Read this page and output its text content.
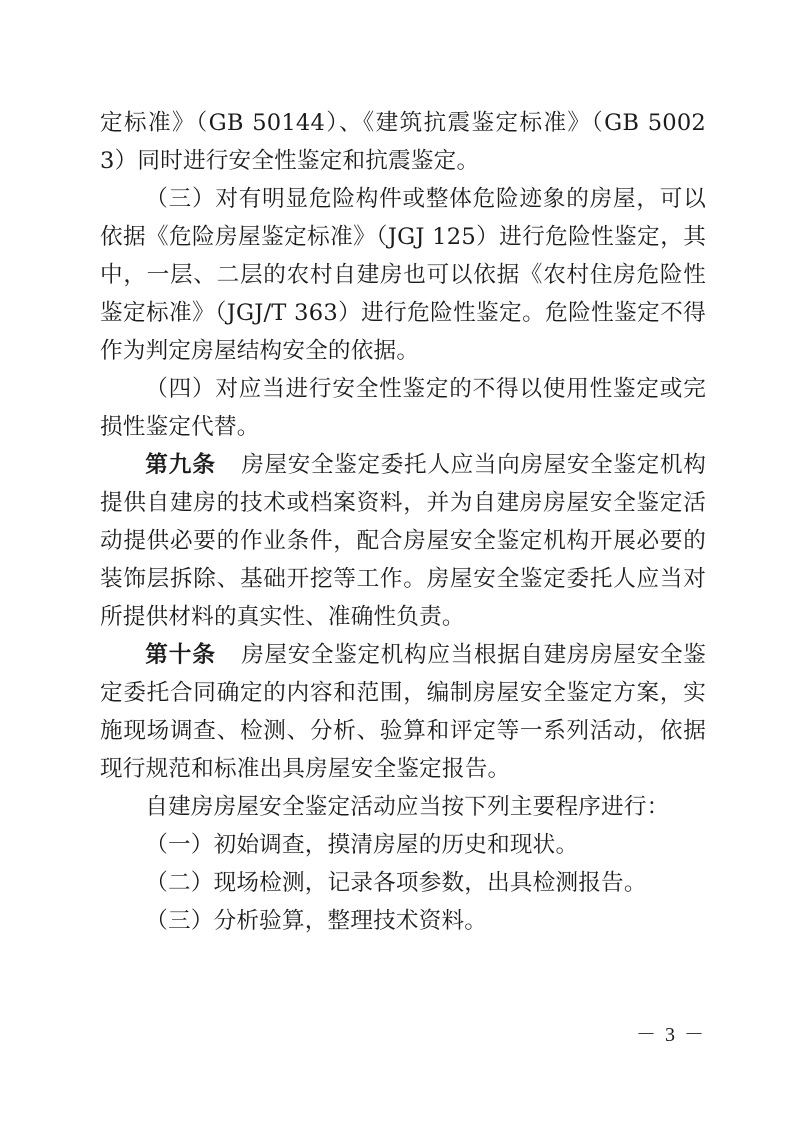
定标准》（GB 50144）、《建筑抗震鉴定标准》（GB 50023）同时进行安全性鉴定和抗震鉴定。

（三）对有明显危险构件或整体危险迹象的房屋，可以依据《危险房屋鉴定标准》（JGJ 125）进行危险性鉴定，其中，一层、二层的农村自建房也可以依据《农村住房危险性鉴定标准》（JGJ/T 363）进行危险性鉴定。危险性鉴定不得作为判定房屋结构安全的依据。

（四）对应当进行安全性鉴定的不得以使用性鉴定或完损性鉴定代替。

第九条 房屋安全鉴定委托人应当向房屋安全鉴定机构提供自建房的技术或档案资料，并为自建房房屋安全鉴定活动提供必要的作业条件，配合房屋安全鉴定机构开展必要的装饰层拆除、基础开挖等工作。房屋安全鉴定委托人应当对所提供材料的真实性、准确性负责。

第十条 房屋安全鉴定机构应当根据自建房房屋安全鉴定委托合同确定的内容和范围，编制房屋安全鉴定方案，实施现场调查、检测、分析、验算和评定等一系列活动，依据现行规范和标准出具房屋安全鉴定报告。

自建房房屋安全鉴定活动应当按下列主要程序进行：

（一）初始调查，摸清房屋的历史和现状。

（二）现场检测，记录各项参数，出具检测报告。

（三）分析验算，整理技术资料。

－ 3 －
